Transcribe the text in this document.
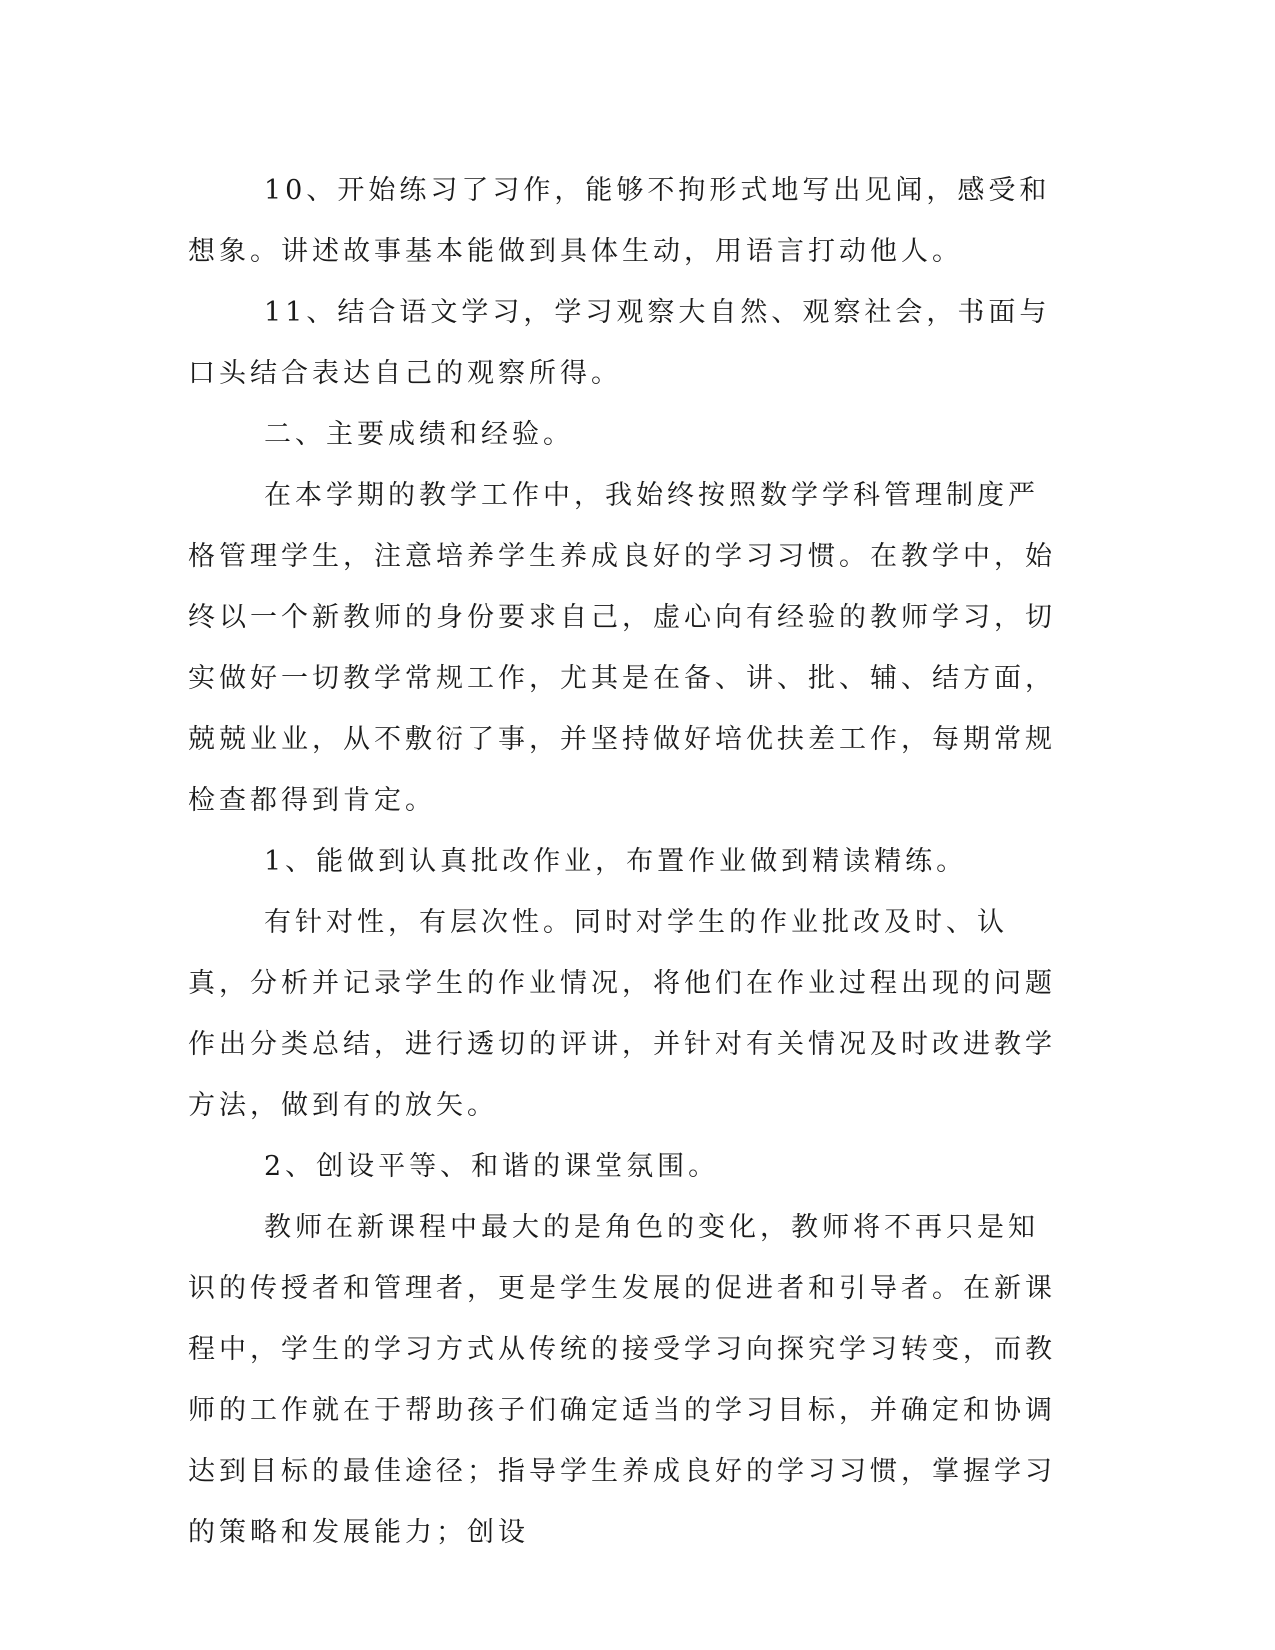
10、开始练习了习作，能够不拘形式地写出见闻，感受和想象。讲述故事基本能做到具体生动，用语言打动他人。

11、结合语文学习，学习观察大自然、观察社会，书面与口头结合表达自己的观察所得。

二、主要成绩和经验。

在本学期的教学工作中，我始终按照数学学科管理制度严格管理学生，注意培养学生养成良好的学习习惯。在教学中，始终以一个新教师的身份要求自己，虚心向有经验的教师学习，切实做好一切教学常规工作，尤其是在备、讲、批、辅、结方面，兢兢业业，从不敷衍了事，并坚持做好培优扶差工作，每期常规检查都得到肯定。

1、能做到认真批改作业，布置作业做到精读精练。

有针对性，有层次性。同时对学生的作业批改及时、认真，分析并记录学生的作业情况，将他们在作业过程出现的问题作出分类总结，进行透切的评讲，并针对有关情况及时改进教学方法，做到有的放矢。

2、创设平等、和谐的课堂氛围。

教师在新课程中最大的是角色的变化，教师将不再只是知识的传授者和管理者，更是学生发展的促进者和引导者。在新课程中，学生的学习方式从传统的接受学习向探究学习转变，而教师的工作就在于帮助孩子们确定适当的学习目标，并确定和协调达到目标的最佳途径；指导学生养成良好的学习习惯，掌握学习的策略和发展能力；创设
